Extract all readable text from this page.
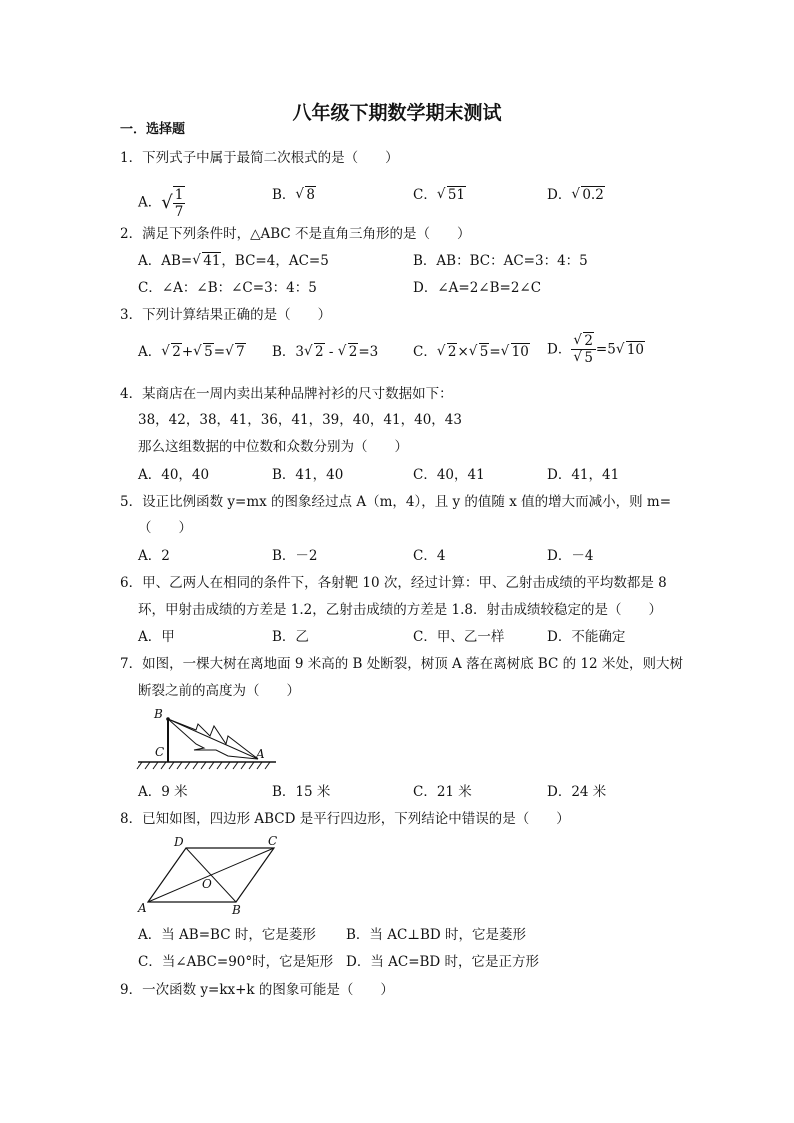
八年级下期数学期末测试
一．选择题
1．下列式子中属于最简二次根式的是（　　）
A．√ $\frac{1}{7}$	B． √ 8	C． √ 51	D． √ 0.2
2．满足下列条件时，△ABC 不是直角三角形的是（　　）
A．AB= √ 41，BC=4，AC=5	B．AB：BC：AC=3：4：5
C．∠A：∠B：∠C=3：4：5	D．∠A=2∠B=2∠C
3．下列计算结果正确的是（　　）
A． √ 2+ √ 5= √ 7 B．3 √ 2 - √ 2=3	C． √ 2× √ 5= √ 10 D． √ 2
√ 5 =5 √ 10
4．某商店在一周内卖出某种品牌衬衫的尺寸数据如下：
38，42，38，41，36，41，39，40，41，40，43
那么这组数据的中位数和众数分别为（　　）
A．40，40	B．41，40	C．40，41	D．41，41
5．设正比例函数 y=mx 的图象经过点 A（m，4），且 y 的值随 x 值的增大而减小，则 m=
（　　）
A．2	B．－2	C．4	D．－4
6．甲、乙两人在相同的条件下，各射靶 10 次，经过计算：甲、乙射击成绩的平均数都是 8
环，甲射击成绩的方差是 1.2，乙射击成绩的方差是 1.8．射击成绩较稳定的是（　　）
A．甲	B．乙	C．甲、乙一样	D．不能确定
7．如图，一棵大树在离地面 9 米高的 B 处断裂，树顶 A 落在离树底 BC 的 12 米处，则大树
断裂之前的高度为（　　）
B
C	A
A．9 米	B．15 米	C．21 米	D．24 米
8．已知如图，四边形 ABCD 是平行四边形，下列结论中错误的是（　　）
D	C
O
A	B
A．当 AB=BC 时，它是菱形 B．当 AC⊥BD 时，它是菱形
C．当∠ABC=90°时，它是矩形 D．当 AC=BD 时，它是正方形
9．一次函数 y=kx+k 的图象可能是（　　）
